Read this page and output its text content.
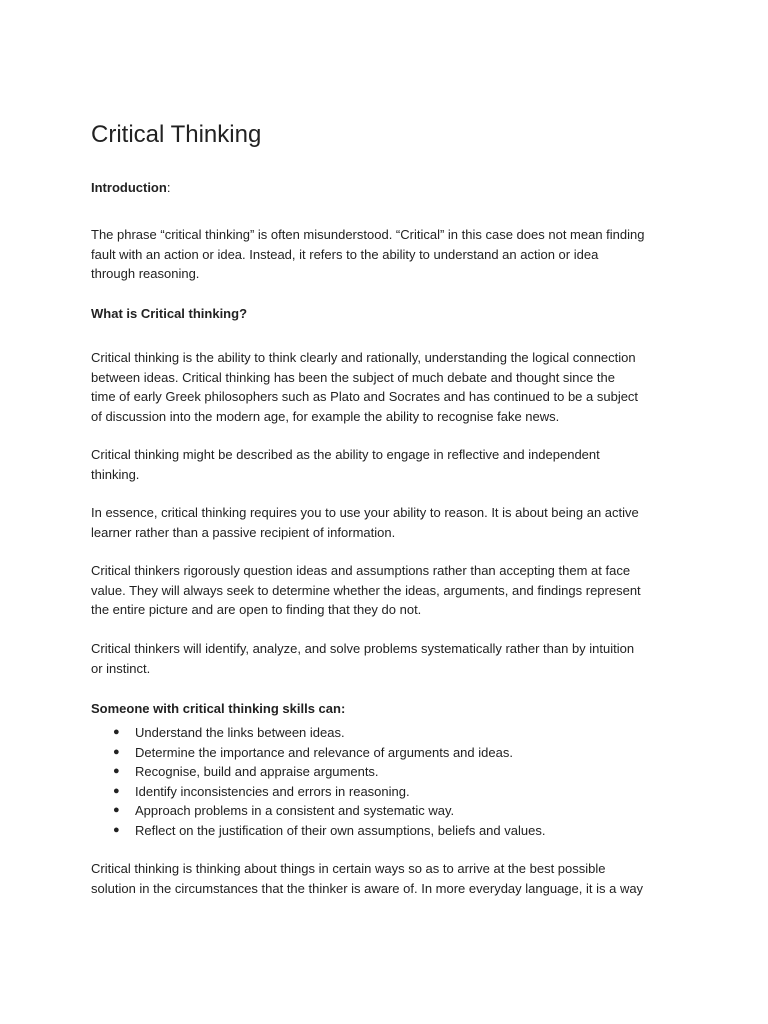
Critical Thinking
Introduction:
The phrase “critical thinking” is often misunderstood. “Critical” in this case does not mean finding
fault with an action or idea. Instead, it refers to the ability to understand an action or idea
through reasoning.
What is Critical thinking?
Critical thinking is the ability to think clearly and rationally, understanding the logical connection
between ideas. Critical thinking has been the subject of much debate and thought since the
time of early Greek philosophers such as Plato and Socrates and has continued to be a subject
of discussion into the modern age, for example the ability to recognise fake news.
Critical thinking might be described as the ability to engage in reflective and independent
thinking.
In essence, critical thinking requires you to use your ability to reason. It is about being an active
learner rather than a passive recipient of information.
Critical thinkers rigorously question ideas and assumptions rather than accepting them at face
value. They will always seek to determine whether the ideas, arguments, and findings represent
the entire picture and are open to finding that they do not.
Critical thinkers will identify, analyze, and solve problems systematically rather than by intuition
or instinct.
Someone with critical thinking skills can:
● Understand the links between ideas.
● Determine the importance and relevance of arguments and ideas.
● Recognise, build and appraise arguments.
● Identify inconsistencies and errors in reasoning.
● Approach problems in a consistent and systematic way.
● Reflect on the justification of their own assumptions, beliefs and values.
Critical thinking is thinking about things in certain ways so as to arrive at the best possible
solution in the circumstances that the thinker is aware of. In more everyday language, it is a way
